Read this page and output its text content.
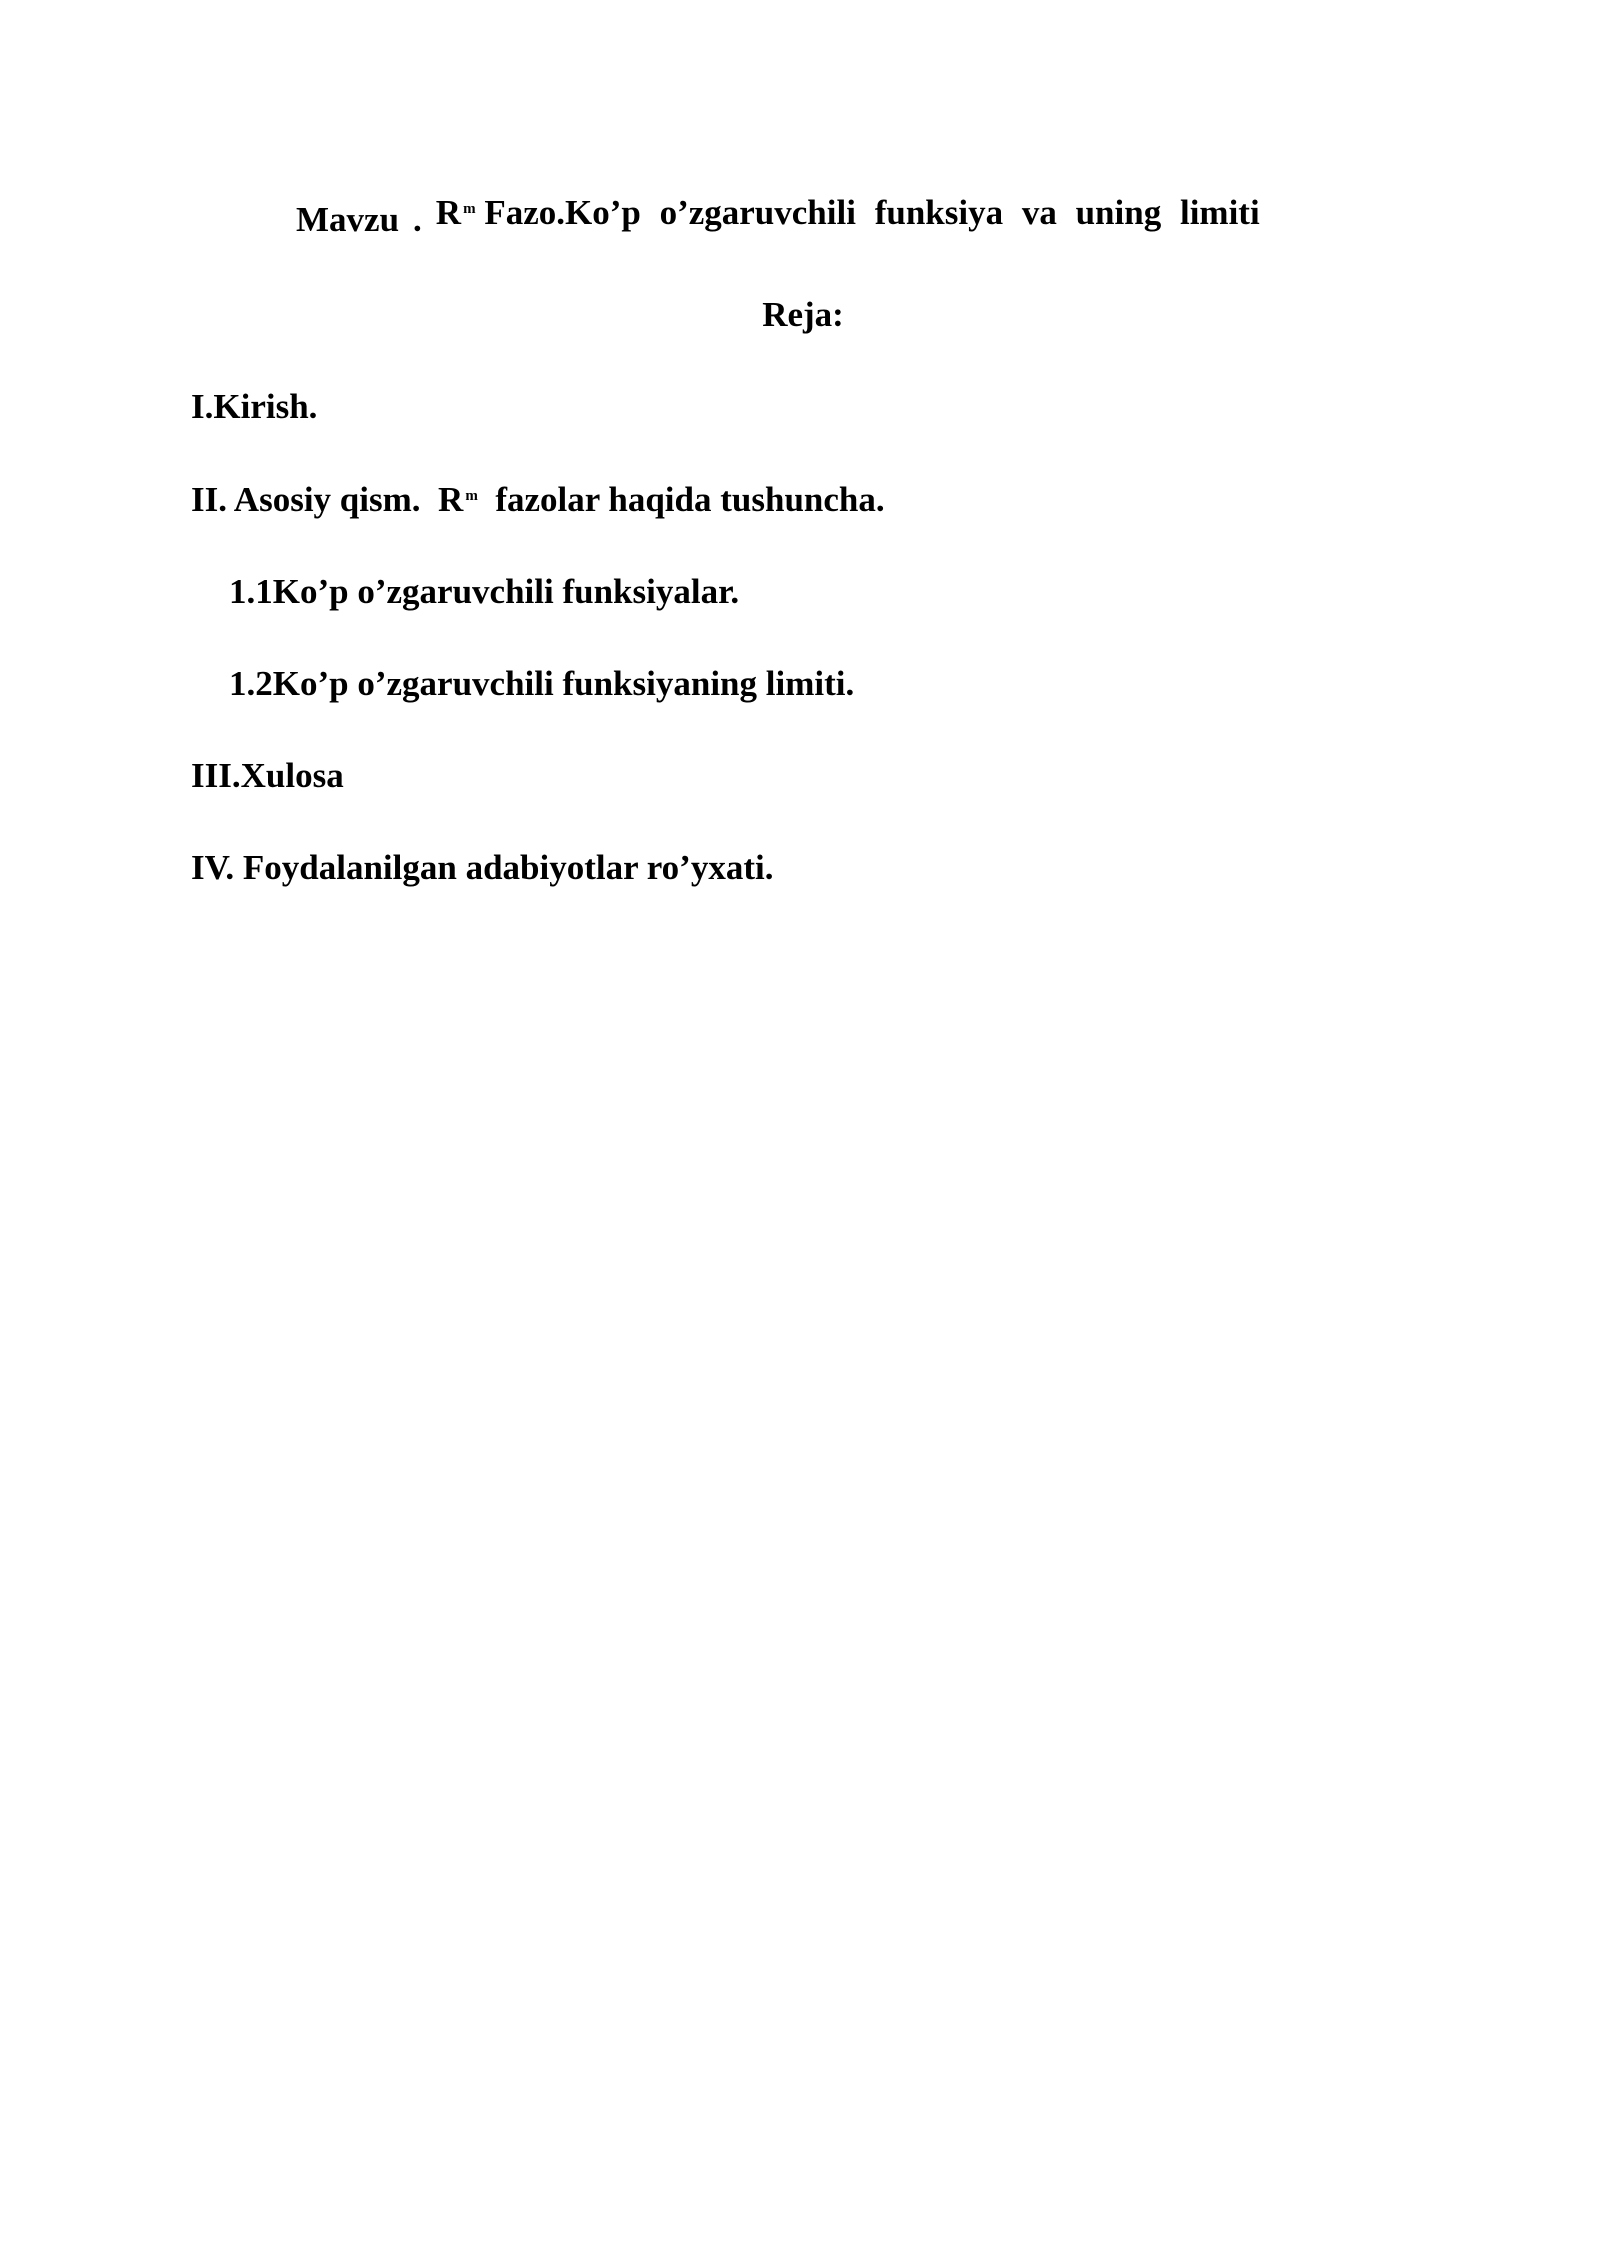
Mavzu . R $^m$ Fazo.Ko’p o’zgaruvchili funksiya va uning limiti
Reja:
I.Kirish.
II. Asosiy qism. R $^m$ fazolar haqida tushuncha.
1.1Ko’p o’zgaruvchili funksiyalar.
1.2Ko’p o’zgaruvchili funksiyaning limiti.
III.Xulosa
IV. Foydalanilgan adabiyotlar ro’yxati.
